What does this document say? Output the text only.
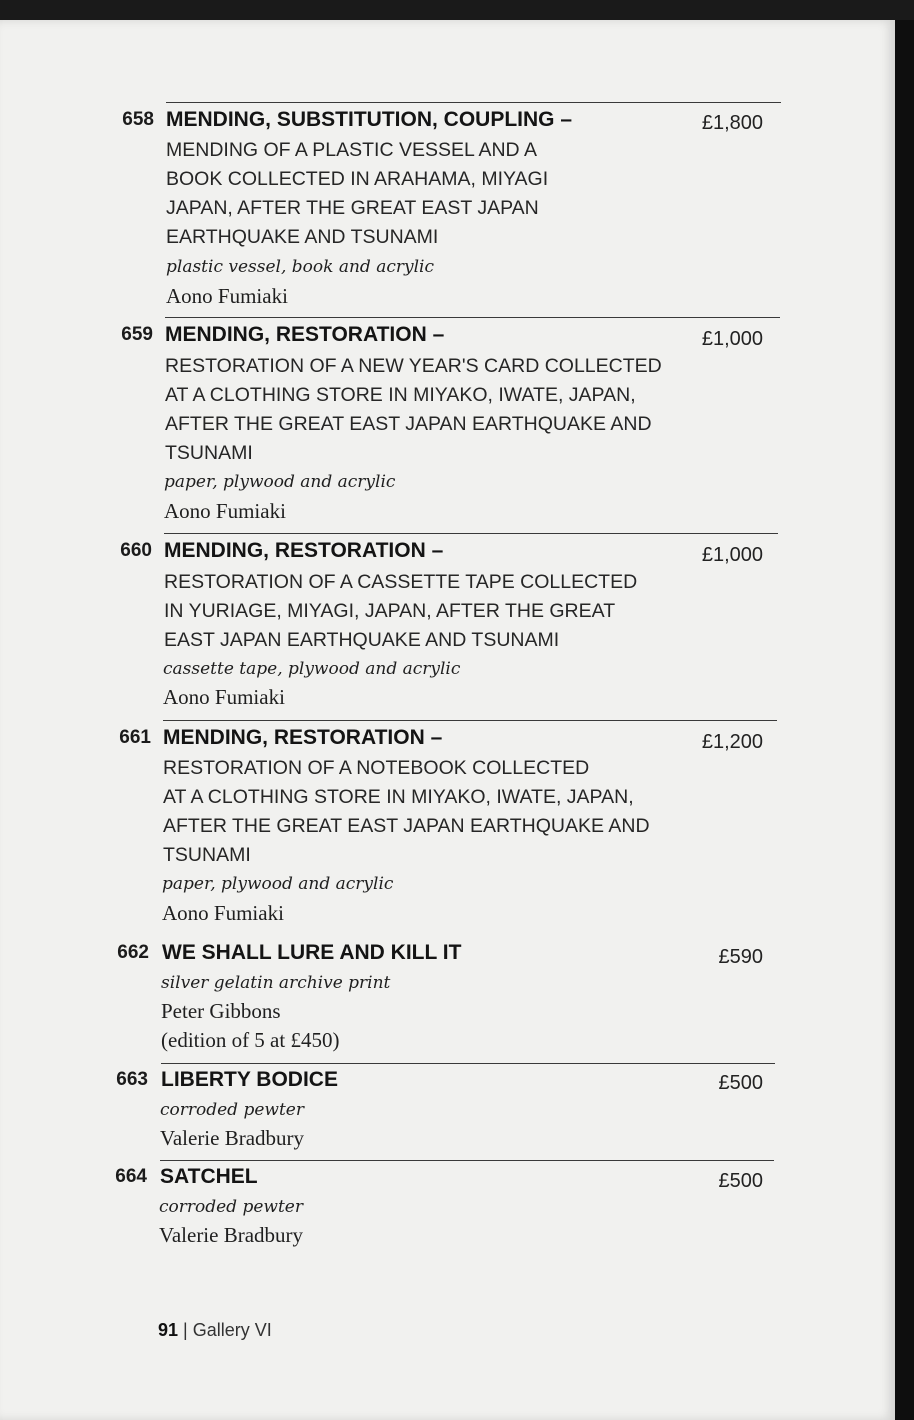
658 MENDING, SUBSTITUTION, COUPLING –	£1,800
MENDING OF A PLASTIC VESSEL AND A
BOOK COLLECTED IN ARAHAMA, MIYAGI
JAPAN, AFTER THE GREAT EAST JAPAN
EARTHQUAKE AND TSUNAMI
plastic vessel, book and acrylic
Aono Fumiaki
659 MENDING, RESTORATION –	£1,000
RESTORATION OF A NEW YEAR'S CARD COLLECTED
AT A CLOTHING STORE IN MIYAKO, IWATE, JAPAN,
AFTER THE GREAT EAST JAPAN EARTHQUAKE AND
TSUNAMI
paper, plywood and acrylic
Aono Fumiaki
660 MENDING, RESTORATION –	£1,000
RESTORATION OF A CASSETTE TAPE COLLECTED
IN YURIAGE, MIYAGI, JAPAN, AFTER THE GREAT
EAST JAPAN EARTHQUAKE AND TSUNAMI
cassette tape, plywood and acrylic
Aono Fumiaki
661 MENDING, RESTORATION –	£1,200
RESTORATION OF A NOTEBOOK COLLECTED
AT A CLOTHING STORE IN MIYAKO, IWATE, JAPAN,
AFTER THE GREAT EAST JAPAN EARTHQUAKE AND
TSUNAMI
paper, plywood and acrylic
Aono Fumiaki
662 WE SHALL LURE AND KILL IT	£590
silver gelatin archive print
Peter Gibbons
(edition of 5 at £450)
663 LIBERTY BODICE	£500
corroded pewter
Valerie Bradbury
664 SATCHEL	£500
corroded pewter
Valerie Bradbury
91 | Gallery VI
